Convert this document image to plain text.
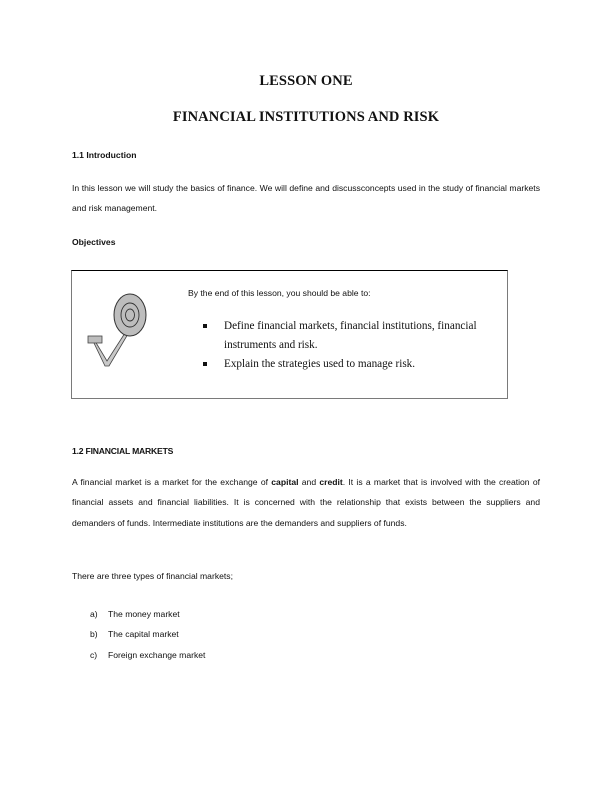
LESSON ONE
FINANCIAL INSTITUTIONS AND RISK
1.1 Introduction
In this lesson we will study the basics of finance. We will define and discussconcepts used in the study of financial markets and risk management.
Objectives
By the end of this lesson, you should be able to:
Define financial markets, financial institutions, financial instruments and risk.
Explain the strategies used to manage risk.
1.2 FINANCIAL MARKETS
A financial market is a market for the exchange of capital and credit. It is a market that is involved with the creation of financial assets and financial liabilities. It is concerned with the relationship that exists between the suppliers and demanders of funds. Intermediate institutions are the demanders and suppliers of funds.
There are three types of financial markets;
a) The money market
b) The capital market
c) Foreign exchange market
